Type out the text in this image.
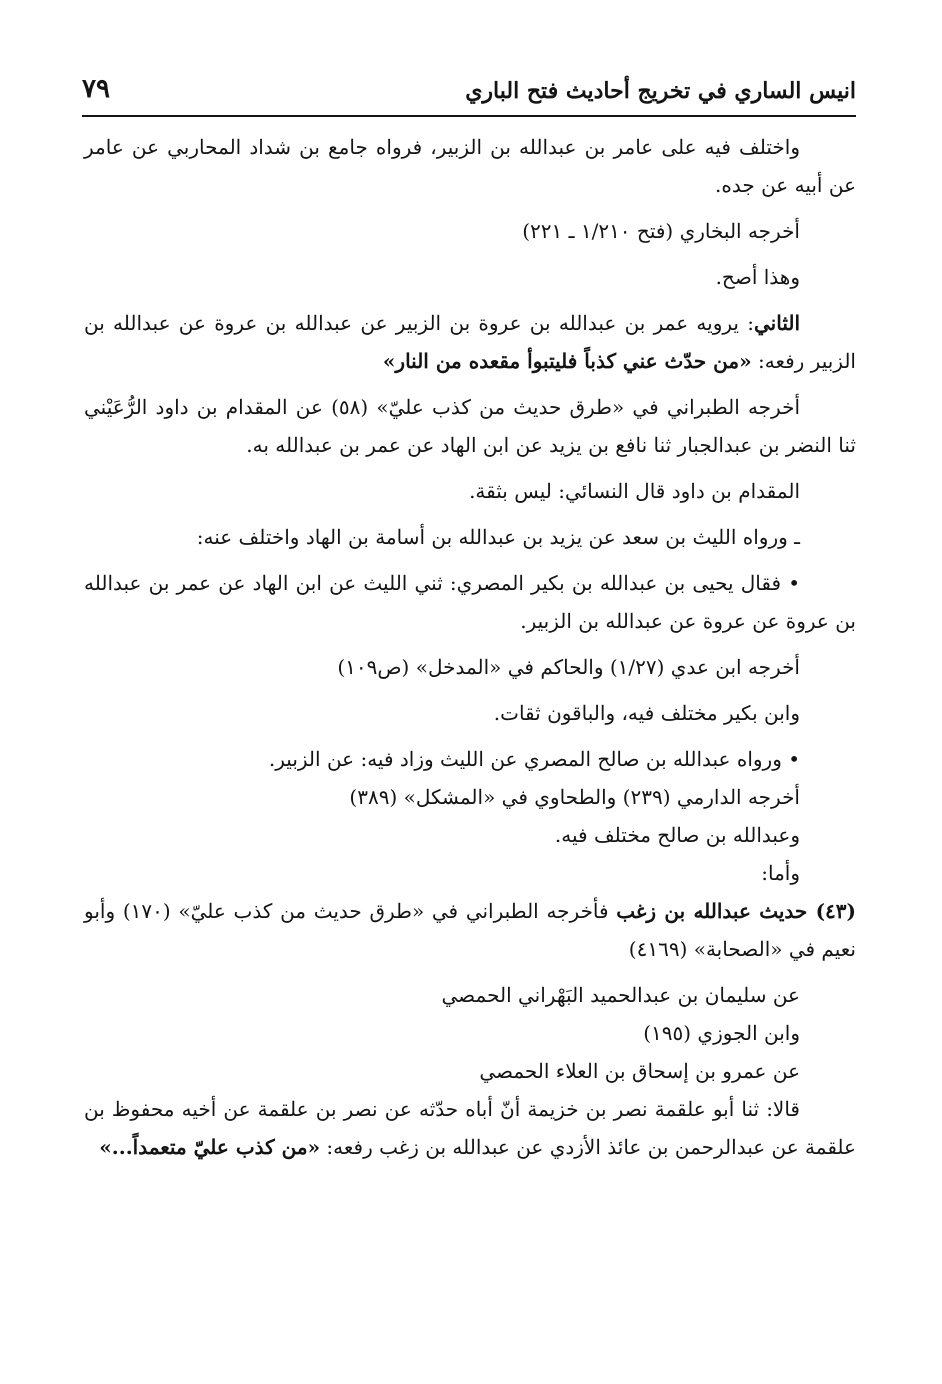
انيس الساري في تخريج أحاديث فتح الباري
٧٩

واختلف فيه على عامر بن عبدالله بن الزبير، فرواه جامع بن شداد المحاربي عن عامر عن أبيه عن جده.

أخرجه البخاري (فتح ١/٢١٠ ـ ٢٢١)

وهذا أصح.

الثاني: يرويه عمر بن عبدالله بن عروة بن الزبير عن عبدالله بن عروة عن عبدالله بن الزبير رفعه: «من حدّث عني كذباً فليتبوأ مقعده من النار»

أخرجه الطبراني في «طرق حديث من كذب عليّ» (٥٨) عن المقدام بن داود الرُّعَيْني ثنا النضر بن عبدالجبار ثنا نافع بن يزيد عن ابن الهاد عن عمر بن عبدالله به.

المقدام بن داود قال النسائي: ليس بثقة.

ـ ورواه الليث بن سعد عن يزيد بن عبدالله بن أسامة بن الهاد واختلف عنه:

• فقال يحيى بن عبدالله بن بكير المصري: ثني الليث عن ابن الهاد عن عمر بن عبدالله بن عروة عن عروة عن عبدالله بن الزبير.

أخرجه ابن عدي (١/٢٧) والحاكم في «المدخل» (ص١٠٩)

وابن بكير مختلف فيه، والباقون ثقات.

• ورواه عبدالله بن صالح المصري عن الليث وزاد فيه: عن الزبير.

أخرجه الدارمي (٢٣٩) والطحاوي في «المشكل» (٣٨٩)

وعبدالله بن صالح مختلف فيه.

وأما:

(٤٣) حديث عبدالله بن زغب فأخرجه الطبراني في «طرق حديث من كذب عليّ» (١٧٠) وأبو نعيم في «الصحابة» (٤١٦٩)

عن سليمان بن عبدالحميد البَهْراني الحمصي

وابن الجوزي (١٩٥)

عن عمرو بن إسحاق بن العلاء الحمصي

قالا: ثنا أبو علقمة نصر بن خزيمة أنّ أباه حدّثه عن نصر بن علقمة عن أخيه محفوظ بن علقمة عن عبدالرحمن بن عائذ الأزدي عن عبدالله بن زغب رفعه: «من كذب عليّ متعمداً...»
